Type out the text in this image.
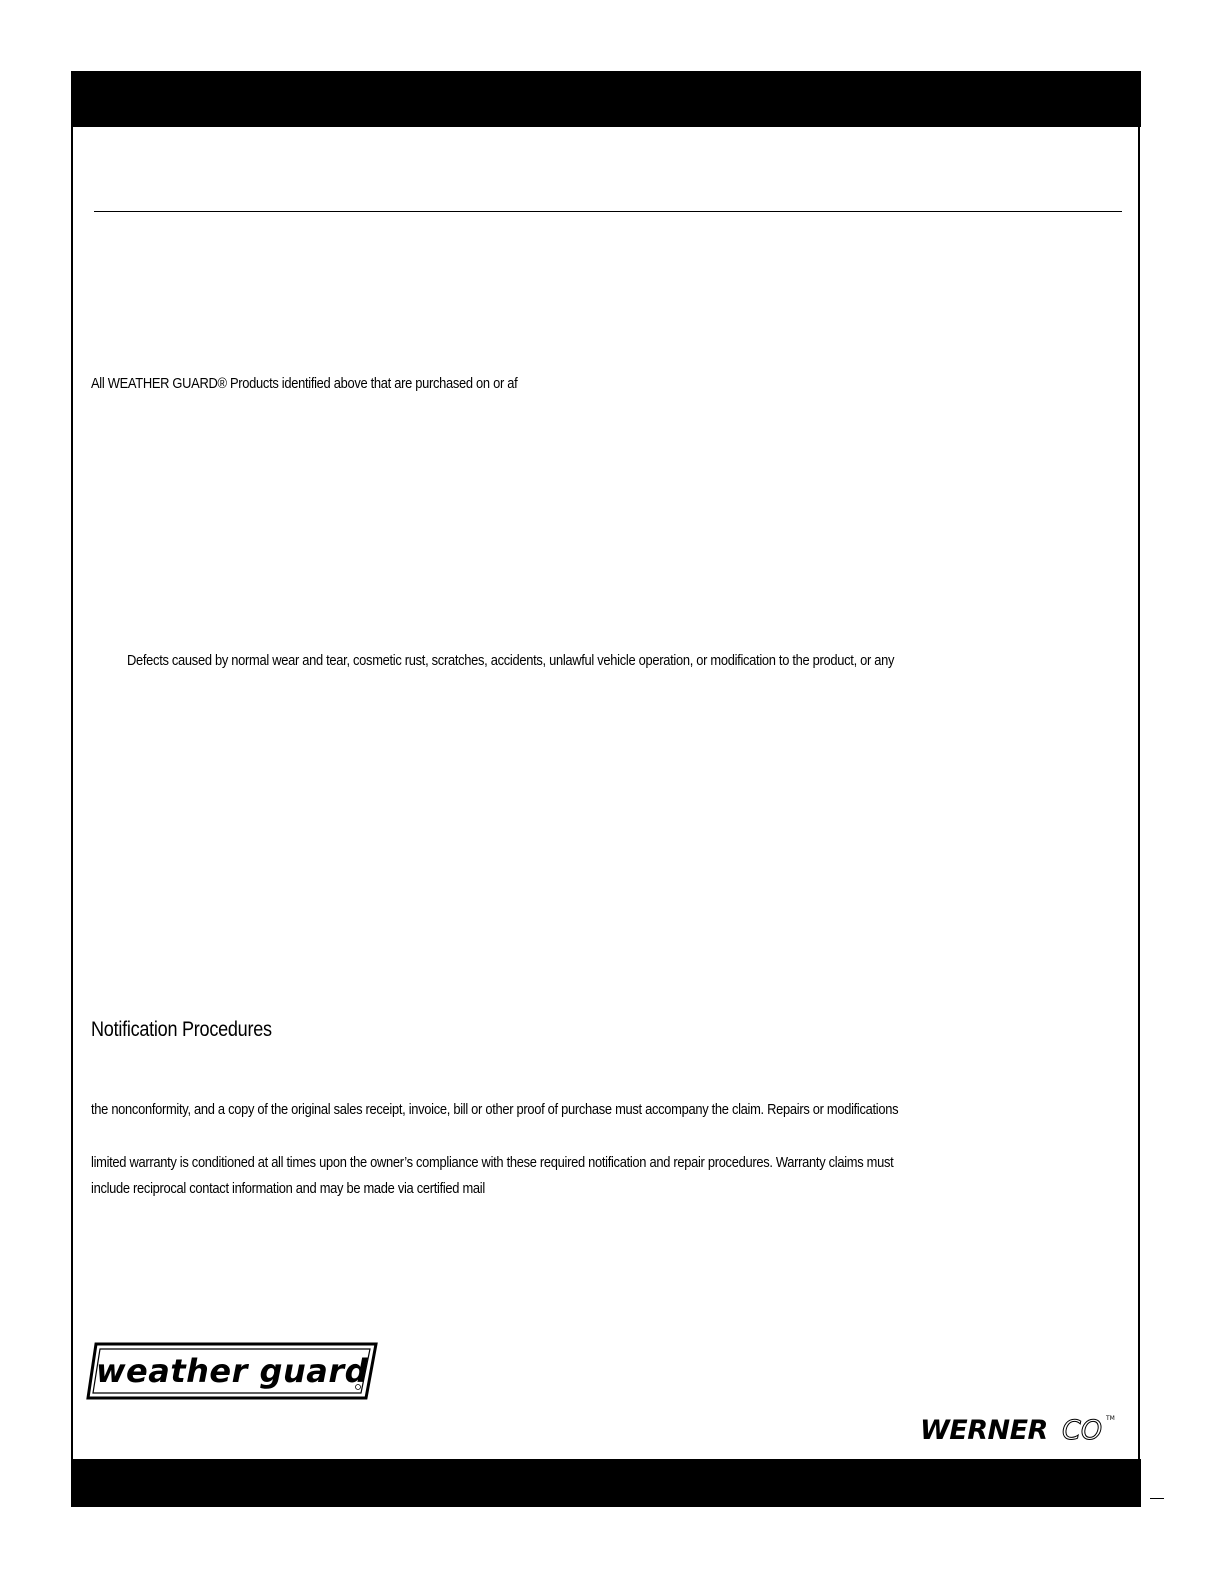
All WEATHER GUARD® Products identified above that are purchased on or af
Defects caused by normal wear and tear, cosmetic rust, scratches, accidents, unlawful vehicle operation, or modification to the product, or any
Notification Procedures
the nonconformity, and a copy of the original sales receipt, invoice, bill or other proof of purchase must accompany the claim. Repairs or modifications
limited warranty is conditioned at all times upon the owner’s compliance with these required notification and repair procedures. Warranty claims must
include reciprocal contact information and may be made via certified mail
weather guard
WERNER CO TM
